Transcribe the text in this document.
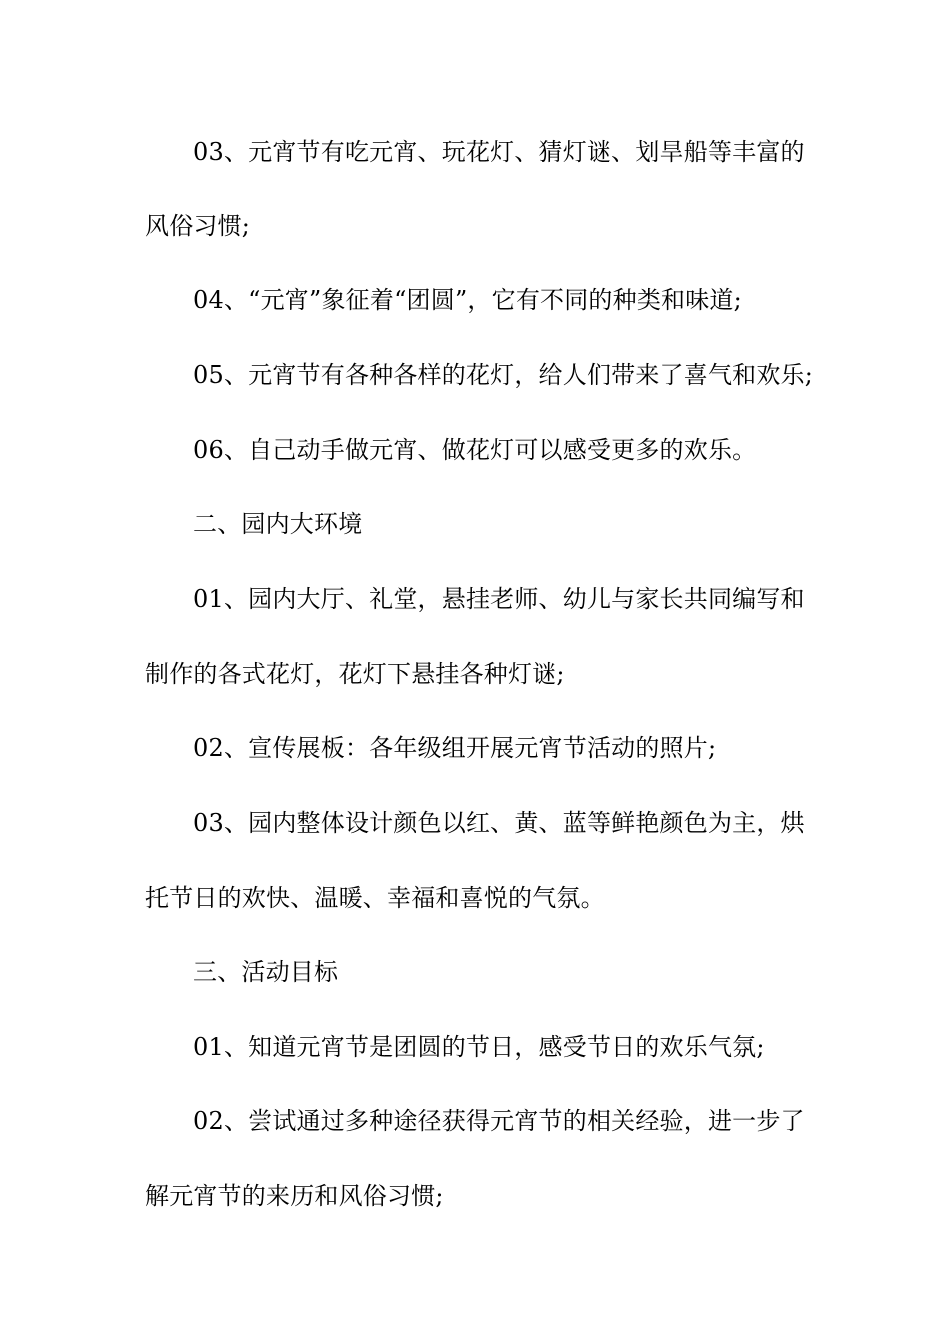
03、元宵节有吃元宵、玩花灯、猜灯谜、划旱船等丰富的
风俗习惯;
04、“元宵”象征着“团圆”，它有不同的种类和味道;
05、元宵节有各种各样的花灯，给人们带来了喜气和欢乐;
06、自己动手做元宵、做花灯可以感受更多的欢乐。
二、园内大环境
01、园内大厅、礼堂，悬挂老师、幼儿与家长共同编写和
制作的各式花灯，花灯下悬挂各种灯谜;
02、宣传展板：各年级组开展元宵节活动的照片;
03、园内整体设计颜色以红、黄、蓝等鲜艳颜色为主，烘
托节日的欢快、温暖、幸福和喜悦的气氛。
三、活动目标
01、知道元宵节是团圆的节日，感受节日的欢乐气氛;
02、尝试通过多种途径获得元宵节的相关经验，进一步了
解元宵节的来历和风俗习惯;
